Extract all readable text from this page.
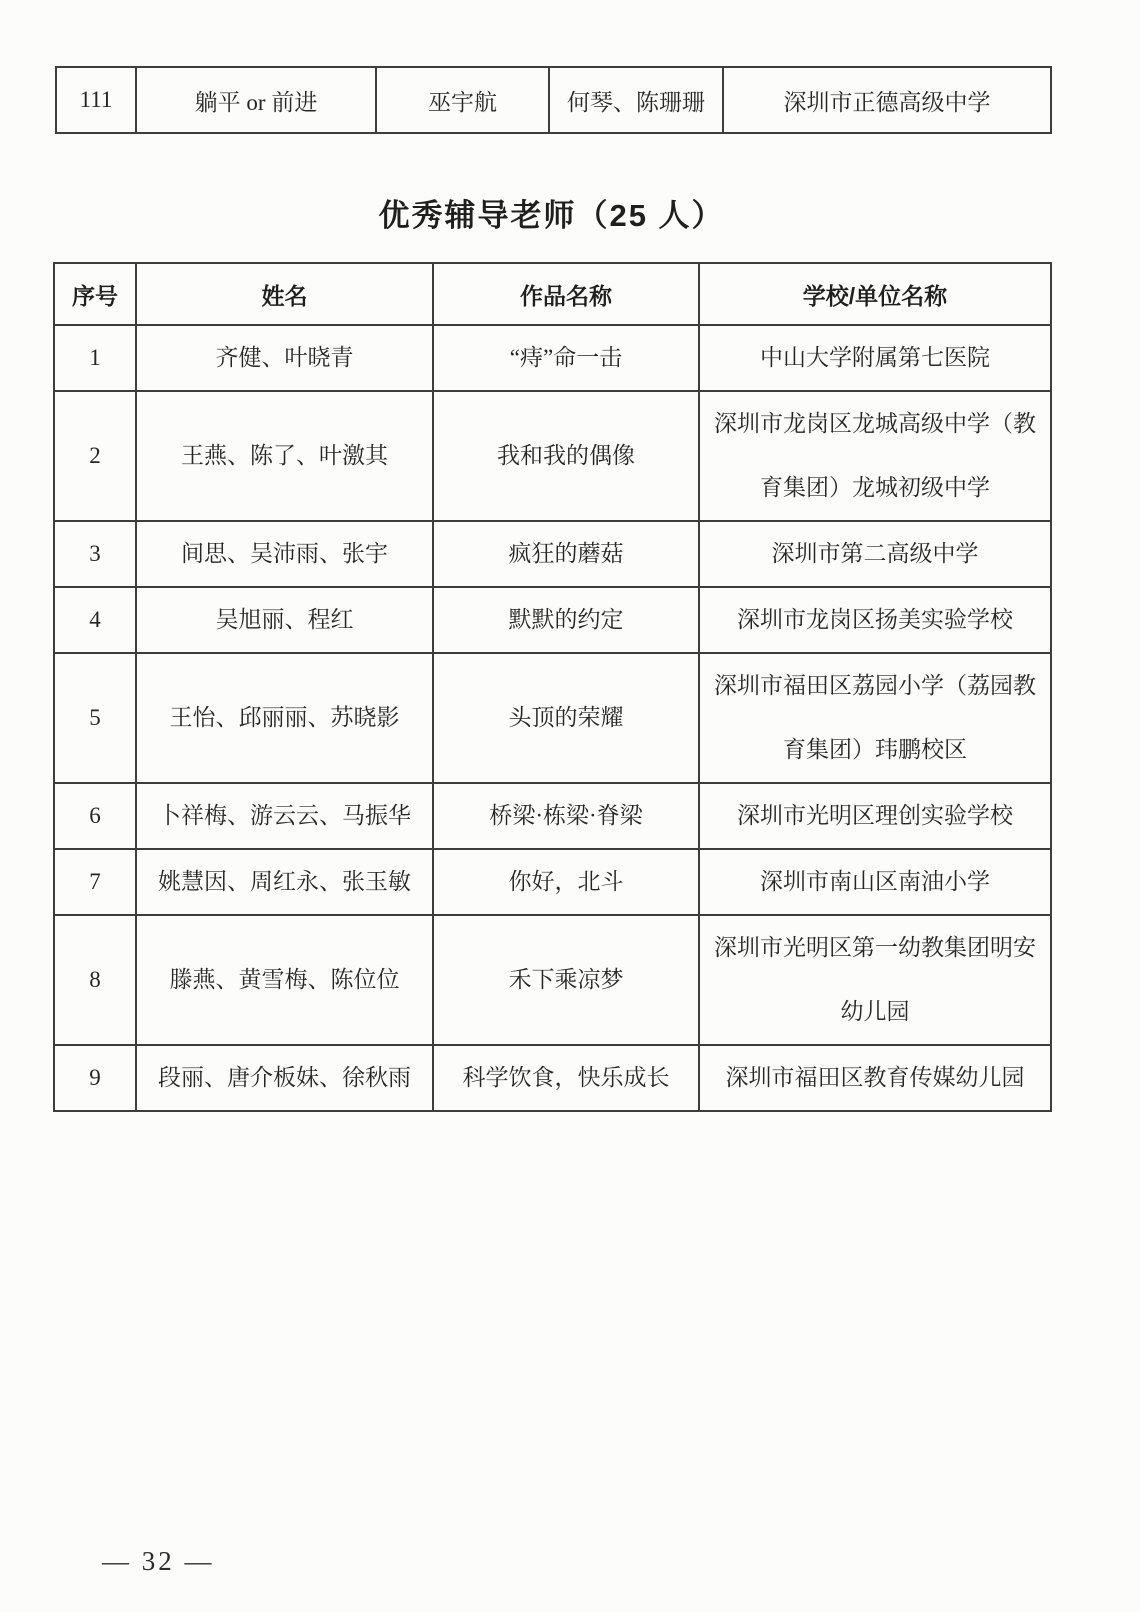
111	躺平 or 前进	巫宇航	何琴、陈珊珊	深圳市正德高级中学
优秀辅导老师（25 人）
序号	姓名	作品名称	学校/单位名称
1	齐健、叶晓青	“痔”命一击	中山大学附属第七医院
2	王燕、陈了、叶激其	我和我的偶像	深圳市龙岗区龙城高级中学（教育集团）龙城初级中学
3	间思、吴沛雨、张宇	疯狂的蘑菇	深圳市第二高级中学
4	吴旭丽、程红	默默的约定	深圳市龙岗区扬美实验学校
5	王怡、邱丽丽、苏晓影	头顶的荣耀	深圳市福田区荔园小学（荔园教育集团）玮鹏校区
6	卜祥梅、游云云、马振华	桥梁·栋梁·脊梁	深圳市光明区理创实验学校
7	姚慧因、周红永、张玉敏	你好，北斗	深圳市南山区南油小学
8	滕燕、黄雪梅、陈位位	禾下乘凉梦	深圳市光明区第一幼教集团明安幼儿园
9	段丽、唐介板妹、徐秋雨	科学饮食，快乐成长	深圳市福田区教育传媒幼儿园
— 32 —
